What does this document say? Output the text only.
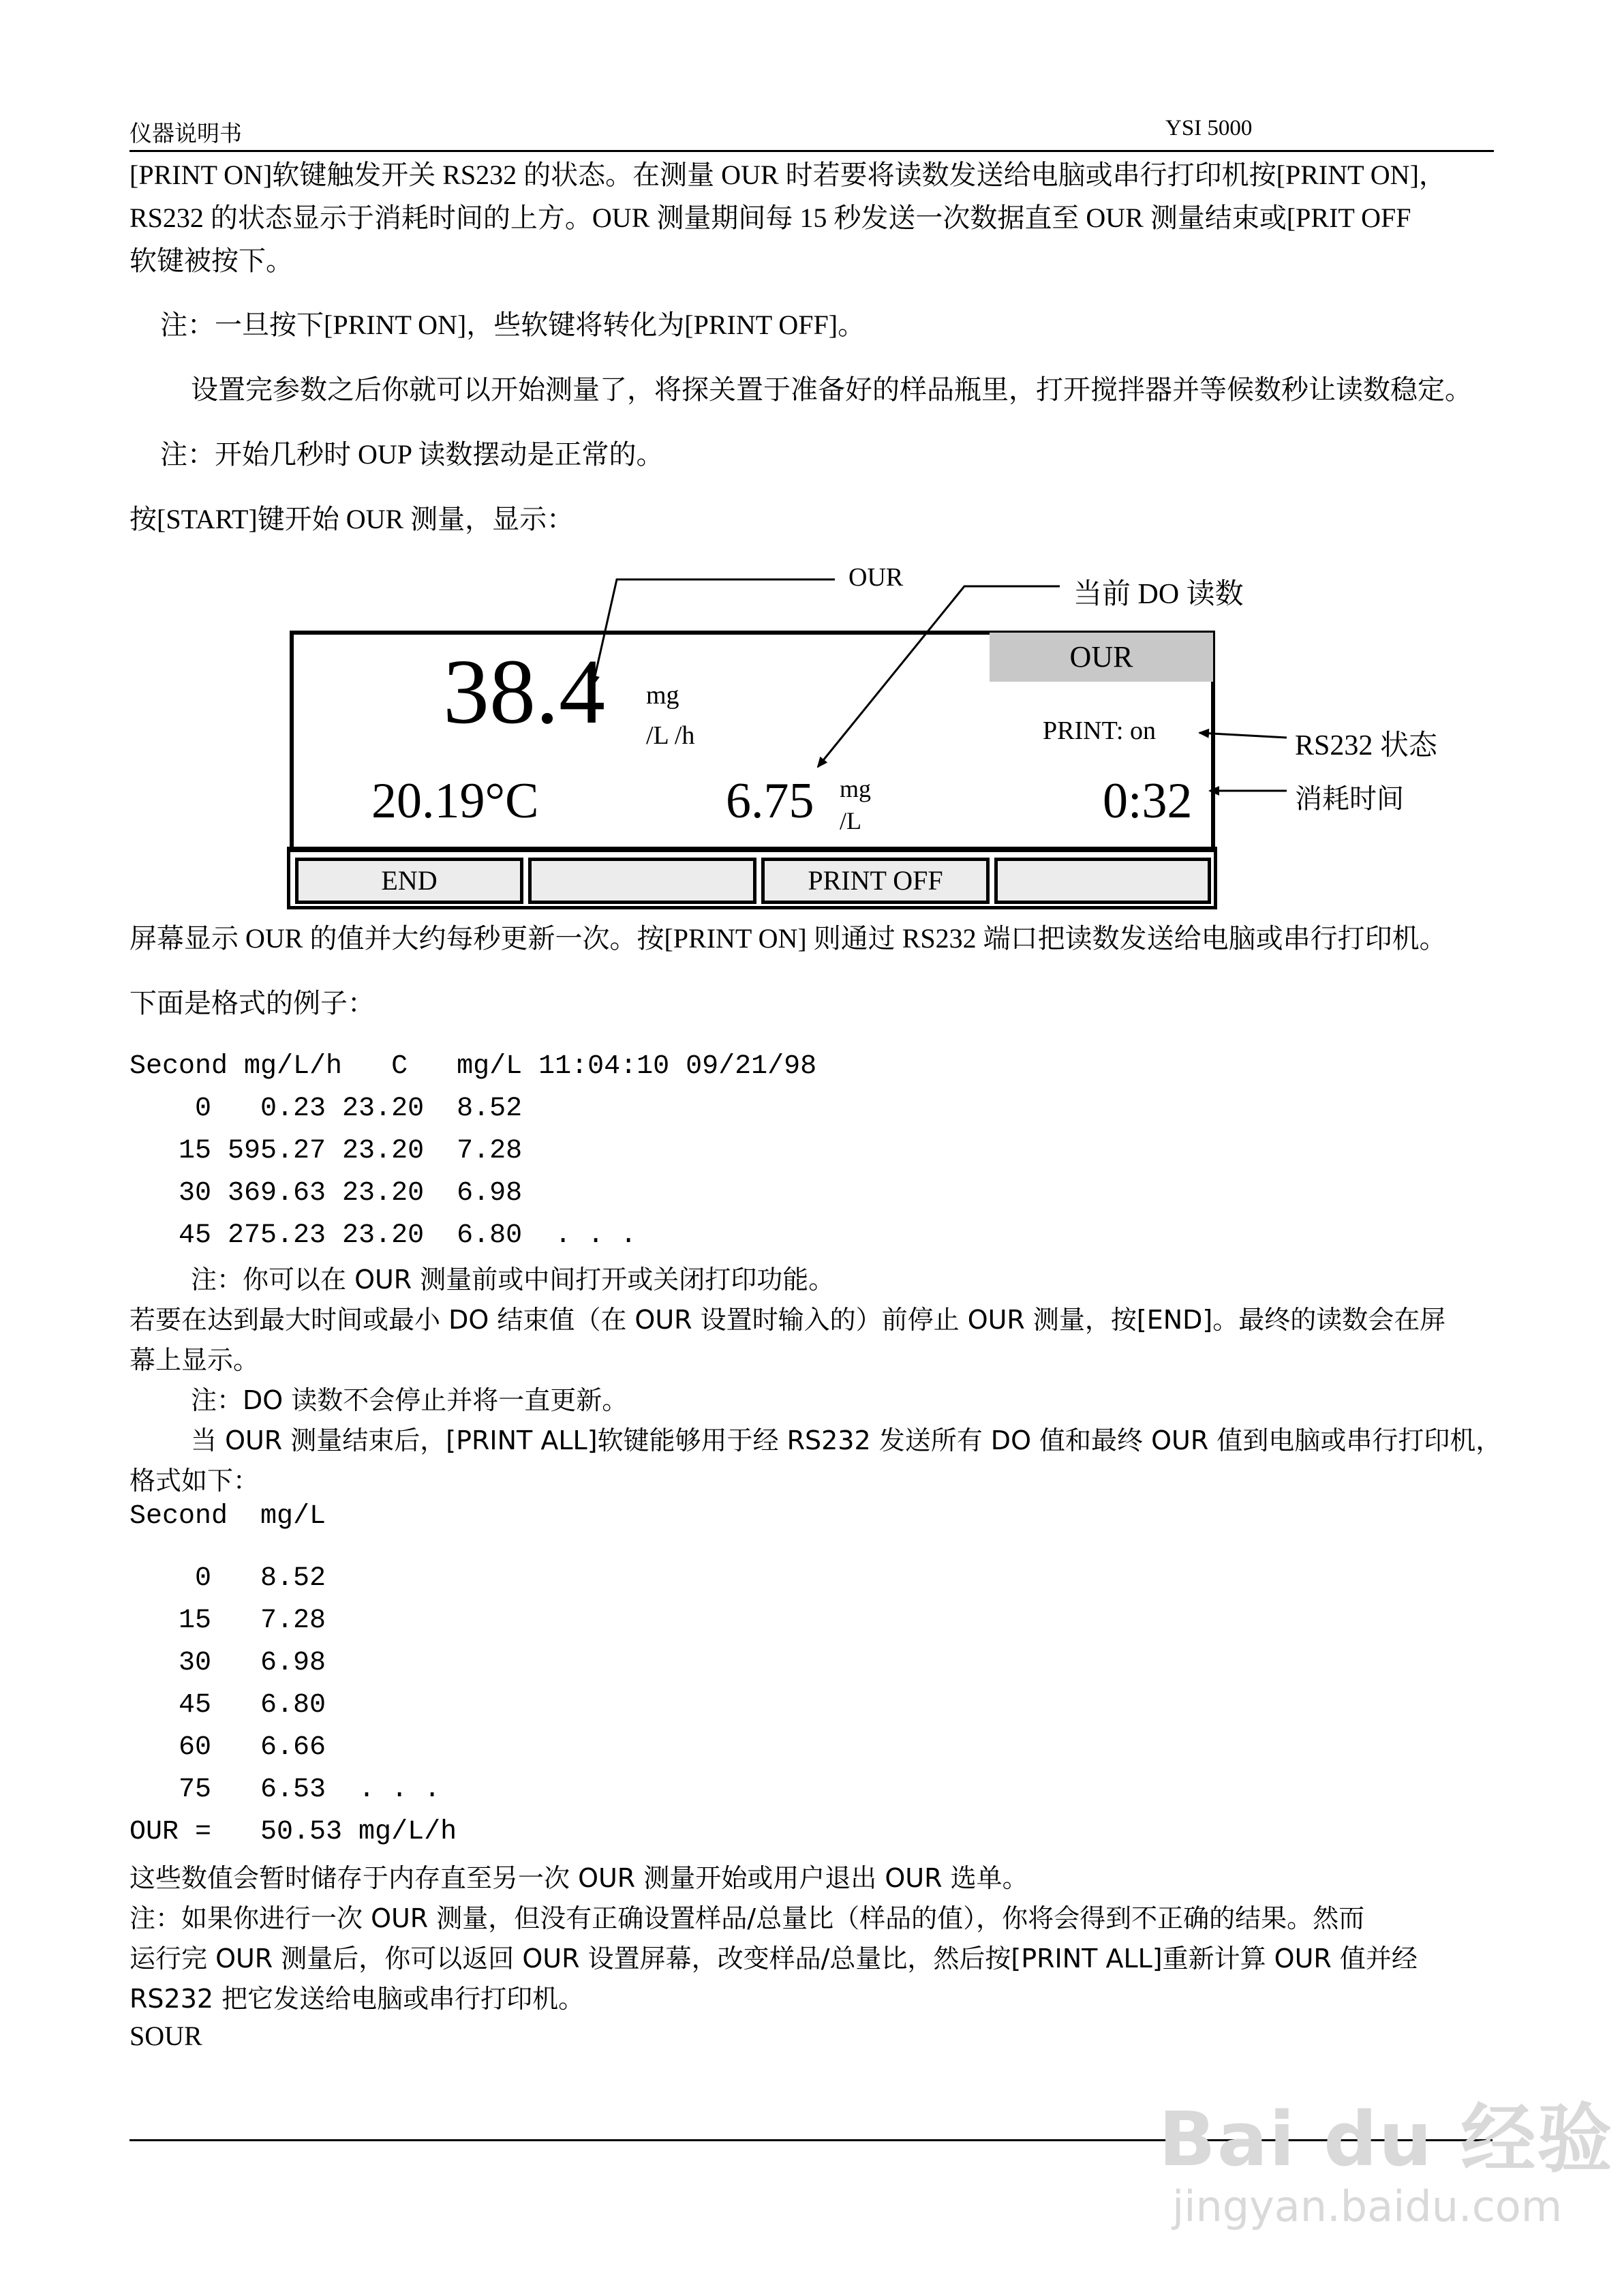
仪器说明书	YSI 5000
[PRINT ON]软键触发开关 RS232 的状态。在测量 OUR 时若要将读数发送给电脑或串行打印机按[PRINT ON]，
RS232 的状态显示于消耗时间的上方。OUR 测量期间每 15 秒发送一次数据直至 OUR 测量结束或[PRIT OFF
软键被按下。
注：一旦按下[PRINT ON]，些软键将转化为[PRINT OFF]。
设置完参数之后你就可以开始测量了，将探关置于准备好的样品瓶里，打开搅拌器并等候数秒让读数稳定。
注：开始几秒时 OUP 读数摆动是正常的。
按[START]键开始 OUR 测量，显示：
OUR
当前 DO 读数
OUR
38.4 mg
/L /h	PRINT: on	RS232 状态
20.19°C	6.75 mg
/L	0:32	消耗时间
END	PRINT OFF
屏幕显示 OUR 的值并大约每秒更新一次。按[PRINT ON] 则通过 RS232 端口把读数发送给电脑或串行打印机。
下面是格式的例子：
Second mg/L/h   C   mg/L 11:04:10 09/21/98
0   0.23 23.20  8.52
15 595.27 23.20  7.28
30 369.63 23.20  6.98
45 275.23 23.20  6.80  . . .
注：你可以在 OUR 测量前或中间打开或关闭打印功能。
若要在达到最大时间或最小 DO 结束值（在 OUR 设置时输入的）前停止 OUR 测量，按[END]。最终的读数会在屏
幕上显示。
注：DO 读数不会停止并将一直更新。
当 OUR 测量结束后，[PRINT ALL]软键能够用于经 RS232 发送所有 DO 值和最终 OUR 值到电脑或串行打印机，
格式如下：
Second  mg/L
0   8.52
15   7.28
30   6.98
45   6.80
60   6.66
75   6.53  . . .
OUR =   50.53 mg/L/h
这些数值会暂时储存于内存直至另一次 OUR 测量开始或用户退出 OUR 选单。
注：如果你进行一次 OUR 测量，但没有正确设置样品/总量比（样品的值），你将会得到不正确的结果。然而
运行完 OUR 测量后，你可以返回 OUR 设置屏幕，改变样品/总量比，然后按[PRINT ALL]重新计算 OUR 值并经
RS232 把它发送给电脑或串行打印机。
SOUR
Bai du 经验
jingyan.baidu.com
